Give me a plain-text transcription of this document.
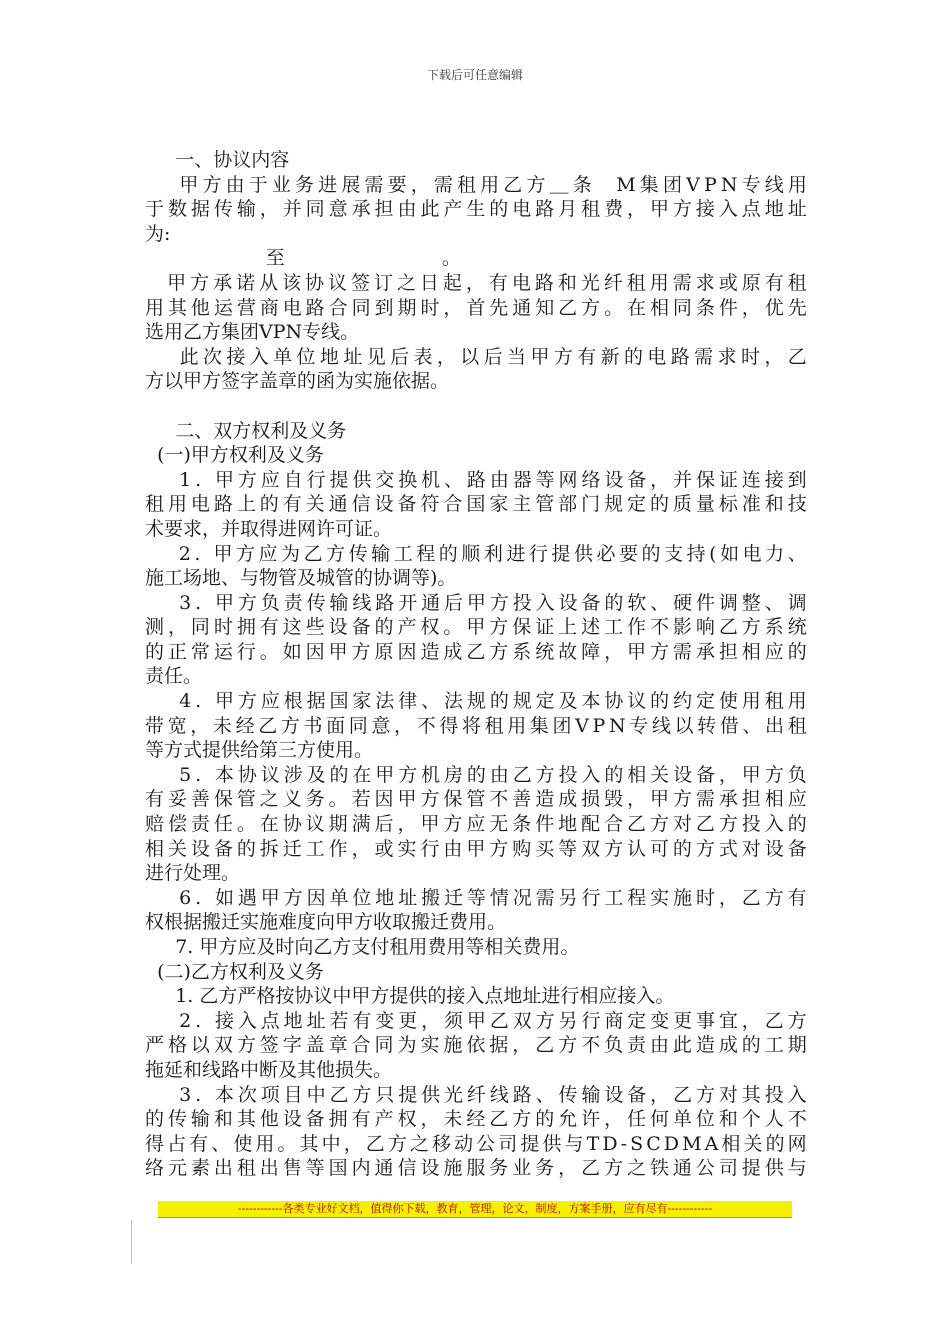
下载后可任意编辑
一、协议内容

甲 方 由 于 业 务 进 展 需 要 ， 需 租 用 乙 方 ＿ 条

M 集 团 V P N 专 线 用
于 数 据 传 输 ， 并 同 意 承 担 由 此 产 生 的 电 路 月 租 费 ， 甲 方 接 入 点 地 址
为:
至                          。

甲 方 承 诺 从 该 协 议 签 订 之 日 起 ， 有 电 路 和 光 纤 租 用 需 求 或 原 有 租
用 其 他 运 营 商 电 路 合 同 到 期 时 ， 首 先 通 知 乙 方 。 在 相 同 条 件 ， 优 先
选用乙方集团VPN专线。

此 次 接 入 单 位 地 址 见 后 表 ， 以 后 当 甲 方 有 新 的 电 路 需 求 时 ， 乙
方以甲方签字盖章的函为实施依据。
二、双方权利及义务
(一)甲方权利及义务

1 .
甲 方 应 自 行 提 供 交 换 机 、 路 由 器 等 网 络 设 备 ， 并 保 证 连 接 到
租 用 电 路 上 的 有 关 通 信 设 备 符 合 国 家 主 管 部 门 规 定 的 质 量 标 准 和 技
术要求，并取得进网许可证。

2 .
甲 方 应 为 乙 方 传 输 工 程 的 顺 利 进 行 提 供 必 要 的 支 持 ( 如 电 力 、
施工场地、与物管及城管的协调等)。

3 .
甲 方 负 责 传 输 线 路 开 通 后 甲 方 投 入 设 备 的 软 、 硬 件 调 整 、 调
测 ， 同 时 拥 有 这 些 设 备 的 产 权 。 甲 方 保 证 上 述 工 作 不 影 响 乙 方 系 统
的 正 常 运 行 。 如 因 甲 方 原 因 造 成 乙 方 系 统 故 障 ， 甲 方 需 承 担 相 应 的
责任。

4 .
甲 方 应 根 据 国 家 法 律 、 法 规 的 规 定 及 本 协 议 的 约 定 使 用 租 用
带 宽 ， 未 经 乙 方 书 面 同 意 ， 不 得 将 租 用 集 团 V P N 专 线 以 转 借 、 出 租
等方式提供给第三方使用。

5 .
本 协 议 涉 及 的 在 甲 方 机 房 的 由 乙 方 投 入 的 相 关 设 备 ， 甲 方 负
有 妥 善 保 管 之 义 务 。 若 因 甲 方 保 管 不 善 造 成 损 毁 ， 甲 方 需 承 担 相 应
赔 偿 责 任 。 在 协 议 期 满 后 ， 甲 方 应 无 条 件 地 配 合 乙 方 对 乙 方 投 入 的
相 关 设 备 的 拆 迁 工 作 ， 或 实 行 由 甲 方 购 买 等 双 方 认 可 的 方 式 对 设 备
进行处理。

6 .
如 遇 甲 方 因 单 位 地 址 搬 迁 等 情 况 需 另 行 工 程 实 施 时 ， 乙 方 有
权根据搬迁实施难度向甲方收取搬迁费用。
7. 甲方应及时向乙方支付租用费用等相关费用。
(二)乙方权利及义务
1. 乙方严格按协议中甲方提供的接入点地址进行相应接入。

2 .
接 入 点 地 址 若 有 变 更 ， 须 甲 乙 双 方 另 行 商 定 变 更 事 宜 ， 乙 方
严 格 以 双 方 签 字 盖 章 合 同 为 实 施 依 据 ， 乙 方 不 负 责 由 此 造 成 的 工 期
拖延和线路中断及其他损失。

3 .
本 次 项 目 中 乙 方 只 提 供 光 纤 线 路 、 传 输 设 备 ， 乙 方 对 其 投 入
的 传 输 和 其 他 设 备 拥 有 产 权 ， 未 经 乙 方 的 允 许 ， 任 何 单 位 和 个 人 不
得 占 有 、 使 用 。 其 中 ， 乙 方 之 移 动 公 司 提 供 与 T D - S C D M A 相 关 的 网
络 元 素 出 租 出 售 等 国 内 通 信 设 施 服 务 业 务 ， 乙 方 之 铁 通 公 司 提 供 与
------------各类专业好文档，值得你下载，教育，管理，论文，制度，方案手册，应有尽有------------
